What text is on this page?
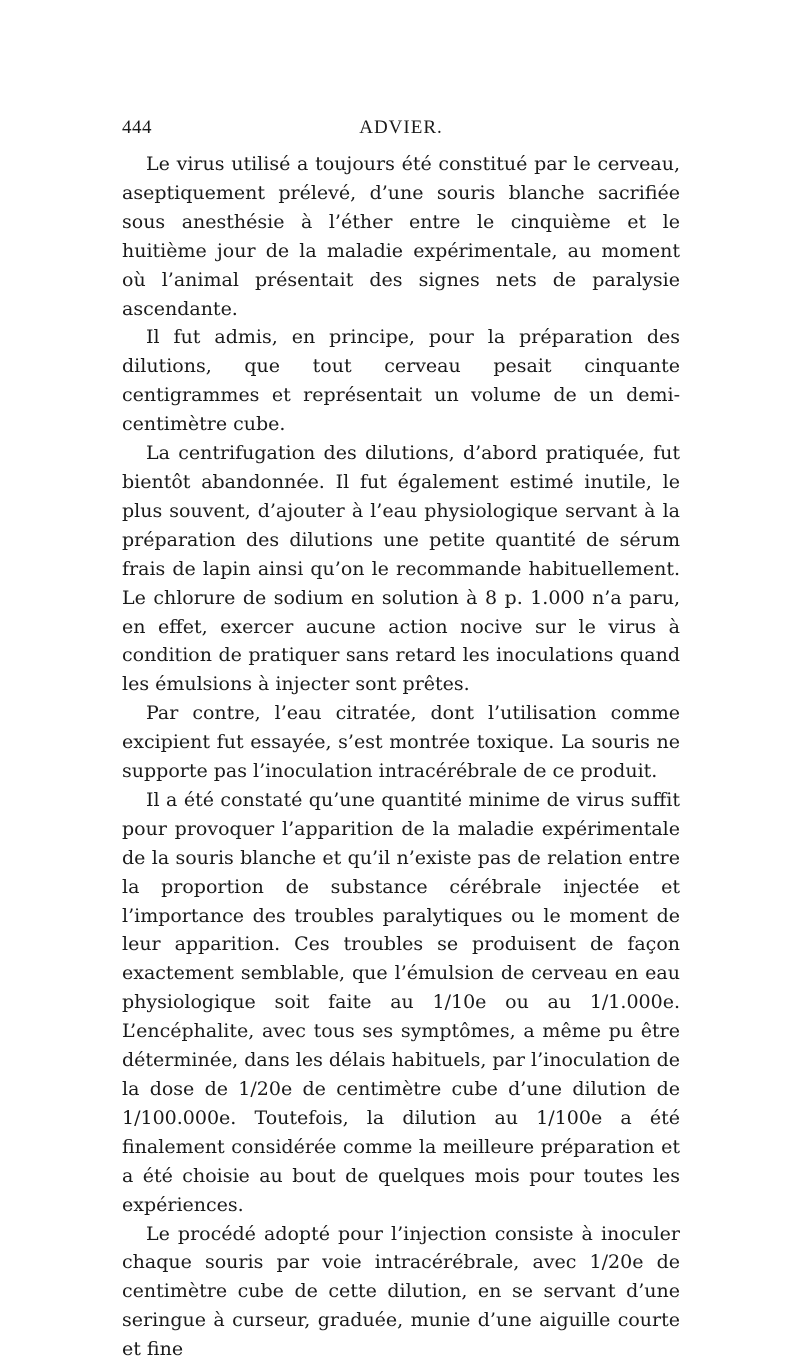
444	ADVIER.

Le virus utilisé a toujours été constitué par le cerveau, aseptiquement prélevé, d’une souris blanche sacrifiée sous anesthésie à l’éther entre le cinquième et le huitième jour de la maladie expérimentale, au moment où l’animal présentait des signes nets de paralysie ascendante.

Il fut admis, en principe, pour la préparation des dilutions, que tout cerveau pesait cinquante centigrammes et représentait un volume de un demi-centimètre cube.

La centrifugation des dilutions, d’abord pratiquée, fut bientôt abandonnée. Il fut également estimé inutile, le plus souvent, d’ajouter à l’eau physiologique servant à la préparation des dilutions une petite quantité de sérum frais de lapin ainsi qu’on le recommande habituellement. Le chlorure de sodium en solution à 8 p. 1.000 n’a paru, en effet, exercer aucune action nocive sur le virus à condition de pratiquer sans retard les inoculations quand les émulsions à injecter sont prêtes.

Par contre, l’eau citratée, dont l’utilisation comme excipient fut essayée, s’est montrée toxique. La souris ne supporte pas l’inoculation intracérébrale de ce produit.

Il a été constaté qu’une quantité minime de virus suffit pour provoquer l’apparition de la maladie expérimentale de la souris blanche et qu’il n’existe pas de relation entre la proportion de substance cérébrale injectée et l’importance des troubles paralytiques ou le moment de leur apparition. Ces troubles se produisent de façon exactement semblable, que l’émulsion de cerveau en eau physiologique soit faite au 1/10e ou au 1/1.000e. L’encéphalite, avec tous ses symptômes, a même pu être déterminée, dans les délais habituels, par l’inoculation de la dose de 1/20e de centimètre cube d’une dilution de 1/100.000e. Toutefois, la dilution au 1/100e a été finalement considérée comme la meilleure préparation et a été choisie au bout de quelques mois pour toutes les expériences.

Le procédé adopté pour l’injection consiste à inoculer chaque souris par voie intracérébrale, avec 1/20e de centimètre cube de cette dilution, en se servant d’une seringue à curseur, graduée, munie d’une aiguille courte et fine
